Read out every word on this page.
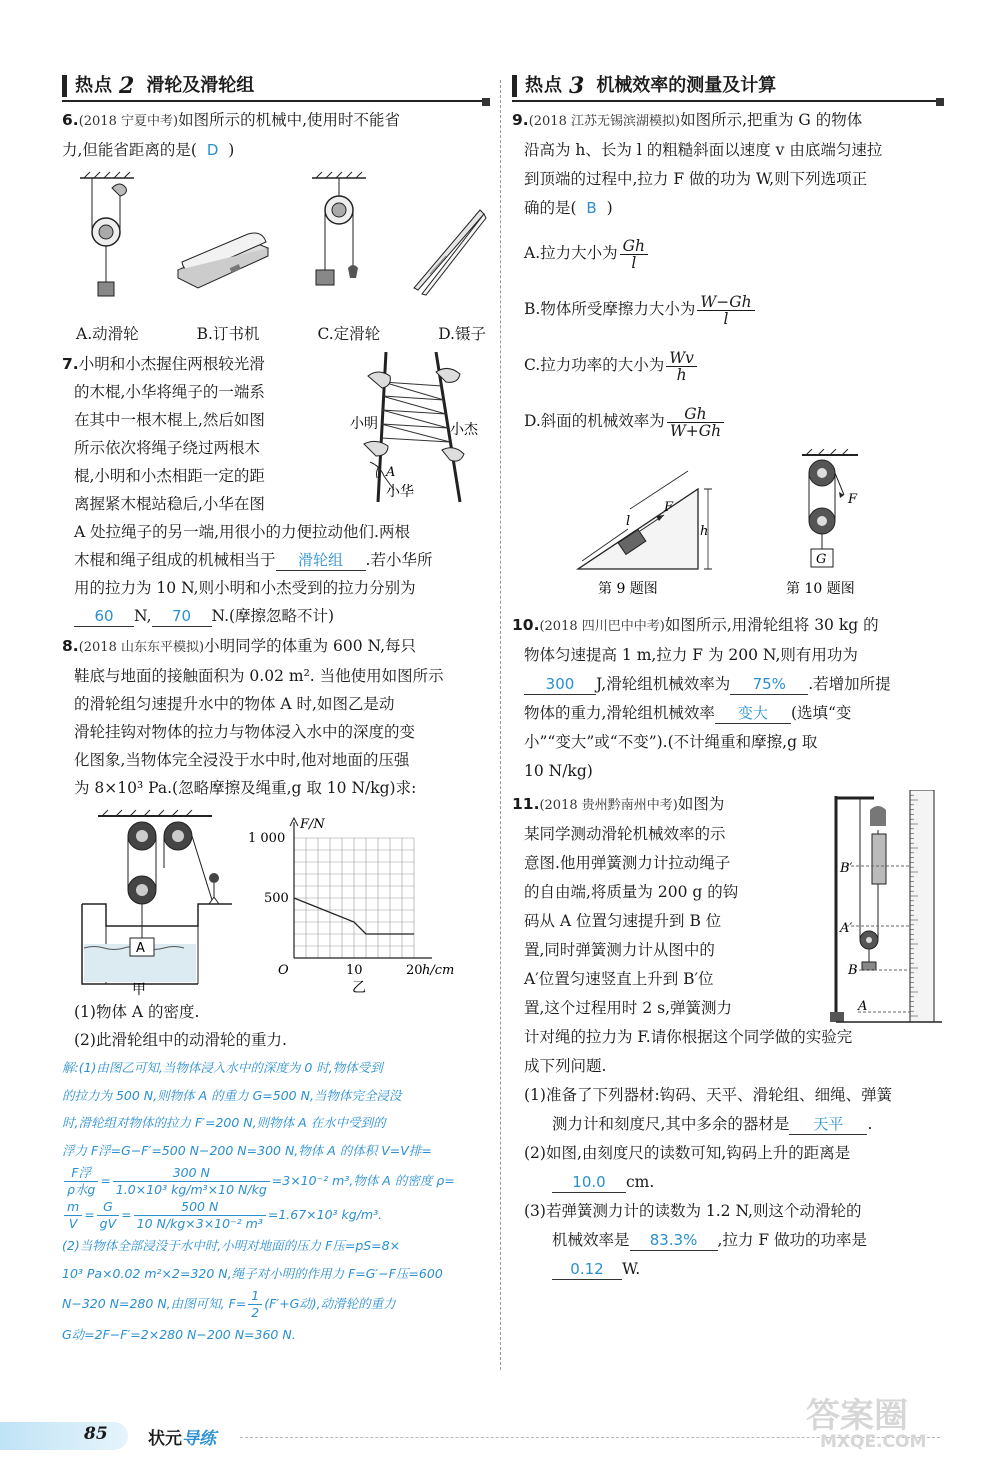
热点 2 滑轮及滑轮组

6.(2018 宁夏中考)如图所示的机械中,使用时不能省

力,但能省距离的是( D )

A.动滑轮	B.订书机	C.定滑轮	D.镊子
小明	小杰
A
小华

7.小明和小杰握住两根较光滑

的木棍,小华将绳子的一端系

在其中一根木棍上,然后如图

所示依次将绳子绕过两根木

棍,小明和小杰相距一定的距

离握紧木棍站稳后,小华在图

A 处拉绳子的另一端,用很小的力便拉动他们.两根

木棍和绳子组成的机械相当于 滑轮组 .若小华所

用的拉力为 10 N,则小明和小杰受到的拉力分别为

60 N, 70 N.(摩擦忽略不计)

8.(2018 山东东平模拟)小明同学的体重为 600 N,每只

鞋底与地面的接触面积为 0.02 m². 当他使用如图所示

的滑轮组匀速提升水中的物体 A 时,如图乙是动

滑轮挂钩对物体的拉力与物体浸入水中的深度的变

化图象,当物体完全浸没于水中时,他对地面的压强

为 8×10³ Pa.(忽略摩擦及绳重,g 取 10 N/kg)求:

A
甲
F/N
500
1 000
O	10	20 h/cm
乙

(1)物体 A 的密度.

(2)此滑轮组中的动滑轮的重力.

解:(1)由图乙可知,当物体浸入水中的深度为 0 时,物体受到

的拉力为 500 N,则物体 A 的重力 G=500 N,当物体完全浸没

时,滑轮组对物体的拉力 F′=200 N,则物体 A 在水中受到的

浮力 F浮=G−F′=500 N−200 N=300 N,物体 A 的体积 V=V排=

$\frac{\text{F浮}}{\text{ρ水g}} = \frac{300 N}{\text{1.0×10³ kg/m³×10 N/kg}} =3\times 10^{-2}$ m³,物体 A 的密度 ρ=

$\frac{m}{V} = \frac{G}{gV} = \frac{500 N}{\text{10 N/kg×3×10⁻² m³}} =1.67\times 10^3$ kg/m³.

(2)当物体全部浸没于水中时,小明对地面的压力 F压=pS=8×

10³ Pa×0.02 m²×2=320 N,绳子对小明的作用力 F=G′−F压=600

N−320 N=280 N,由图可知, $F= \frac{1}{2} (F'+G$动),动滑轮的重力

G动=2F−F′=2×280 N−200 N=360 N.

热点 3 机械效率的测量及计算

9.(2018 江苏无锡滨湖模拟)如图所示,把重为 G 的物体

沿高为 h、长为 l 的粗糙斜面以速度 v 由底端匀速拉

到顶端的过程中,拉力 F 做的功为 W,则下列选项正

确的是( B )

A.拉力大小为 $\frac{Gh}{l}$

B.物体所受摩擦力大小为 $\frac{W-Gh}{l}$

C.拉力功率的大小为 $\frac{Wv}{h}$

D.斜面的机械效率为 $\frac{Gh}{W+Gh}$

l
F
h
第 9 题图
F
G
第 10 题图

10.(2018 四川巴中中考)如图所示,用滑轮组将 30 kg 的

物体匀速提高 1 m,拉力 F 为 200 N,则有用功为

300 J,滑轮组机械效率为 75% .若增加所提

物体的重力,滑轮组机械效率 变大 (选填“变

小”“变大”或“不变”).(不计绳重和摩擦,g 取

10 N/kg)

B′
A′
B
A

11.(2018 贵州黔南州中考)如图为

某同学测动滑轮机械效率的示

意图.他用弹簧测力计拉动绳子

的自由端,将质量为 200 g 的钩

码从 A 位置匀速提升到 B 位

置,同时弹簧测力计从图中的

A′位置匀速竖直上升到 B′位

置,这个过程用时 2 s,弹簧测力

计对绳的拉力为 F.请你根据这个同学做的实验完

成下列问题.

(1)准备了下列器材:钩码、天平、滑轮组、细绳、弹簧

测力计和刻度尺,其中多余的器材是 天平 .

(2)如图,由刻度尺的读数可知,钩码上升的距离是

10.0 cm.

(3)若弹簧测力计的读数为 1.2 N,则这个动滑轮的

机械效率是 83.3% ,拉力 F 做功的功率是

0.12 W.

85 状元导练
答案圈
MXQE.COM
